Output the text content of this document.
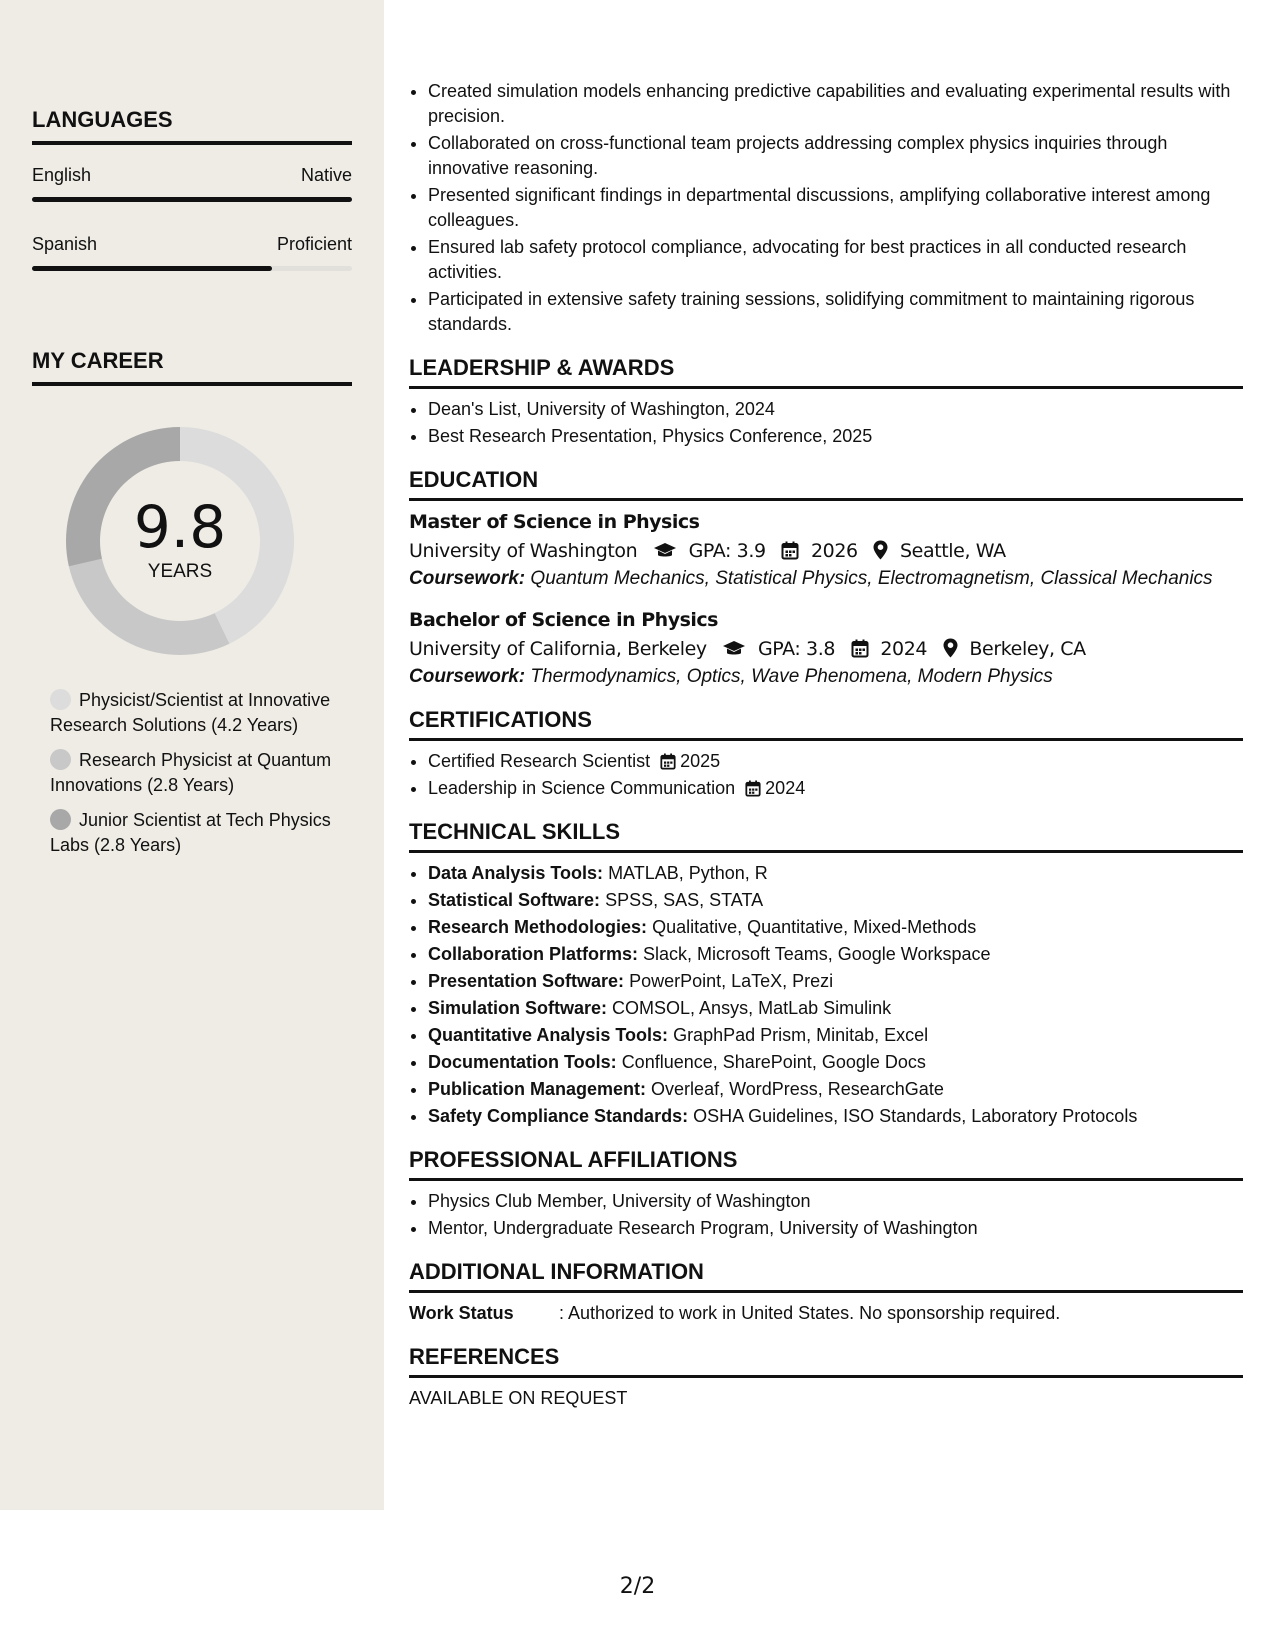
LANGUAGES
English	Native
Spanish	Proficient
MY CAREER
9.8
YEARS
Physicist/Scientist at Innovative Research Solutions (4.2 Years)
Research Physicist at Quantum Innovations (2.8 Years)
Junior Scientist at Tech Physics Labs (2.8 Years)
• Created simulation models enhancing predictive capabilities and evaluating experimental results with precision.
• Collaborated on cross-functional team projects addressing complex physics inquiries through innovative reasoning.
• Presented significant findings in departmental discussions, amplifying collaborative interest among colleagues.
• Ensured lab safety protocol compliance, advocating for best practices in all conducted research activities.
• Participated in extensive safety training sessions, solidifying commitment to maintaining rigorous standards.
LEADERSHIP & AWARDS
• Dean's List, University of Washington, 2024
• Best Research Presentation, Physics Conference, 2025
EDUCATION
Master of Science in Physics
University of Washington	GPA: 3.9 2026 Seattle, WA
Coursework: Quantum Mechanics, Statistical Physics, Electromagnetism, Classical Mechanics
Bachelor of Science in Physics
University of California, Berkeley	GPA: 3.8 2024 Berkeley, CA
Coursework: Thermodynamics, Optics, Wave Phenomena, Modern Physics
CERTIFICATIONS
• Certified Research Scientist 2025
• Leadership in Science Communication 2024
TECHNICAL SKILLS
• Data Analysis Tools: MATLAB, Python, R
• Statistical Software: SPSS, SAS, STATA
• Research Methodologies: Qualitative, Quantitative, Mixed-Methods
• Collaboration Platforms: Slack, Microsoft Teams, Google Workspace
• Presentation Software: PowerPoint, LaTeX, Prezi
• Simulation Software: COMSOL, Ansys, MatLab Simulink
• Quantitative Analysis Tools: GraphPad Prism, Minitab, Excel
• Documentation Tools: Confluence, SharePoint, Google Docs
• Publication Management: Overleaf, WordPress, ResearchGate
• Safety Compliance Standards: OSHA Guidelines, ISO Standards, Laboratory Protocols
PROFESSIONAL AFFILIATIONS
• Physics Club Member, University of Washington
• Mentor, Undergraduate Research Program, University of Washington
ADDITIONAL INFORMATION
Work Status	: Authorized to work in United States. No sponsorship required.
REFERENCES
AVAILABLE ON REQUEST
2/2
